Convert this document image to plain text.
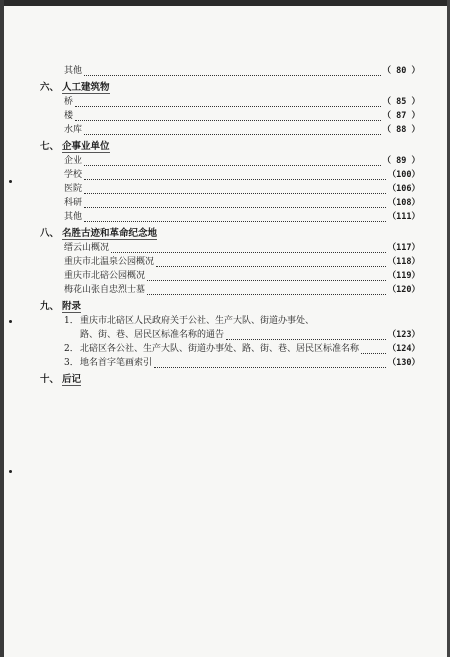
其他	（ 80 ）
六、 人工建筑物
桥	（ 85 ）
楼	（ 87 ）
水库	（ 88 ）
七、 企事业单位
企业	（ 89 ）
学校	（100）
医院	（106）
科研	（108）
其他	（111）
八、 名胜古迹和革命纪念地
缙云山概况	（117）
重庆市北温泉公园概况	（118）
重庆市北碚公园概况	（119）
梅花山张自忠烈士墓	（120）
九、 附录
1． 重庆市北碚区人民政府关于公社、生产大队、街道办事处、
路、街、巷、居民区标准名称的通告	（123）
2． 北碚区各公社、生产大队、街道办事处、路、街、巷、居民区标准名称	（124）
3． 地名首字笔画索引	（130）
十、 后记
